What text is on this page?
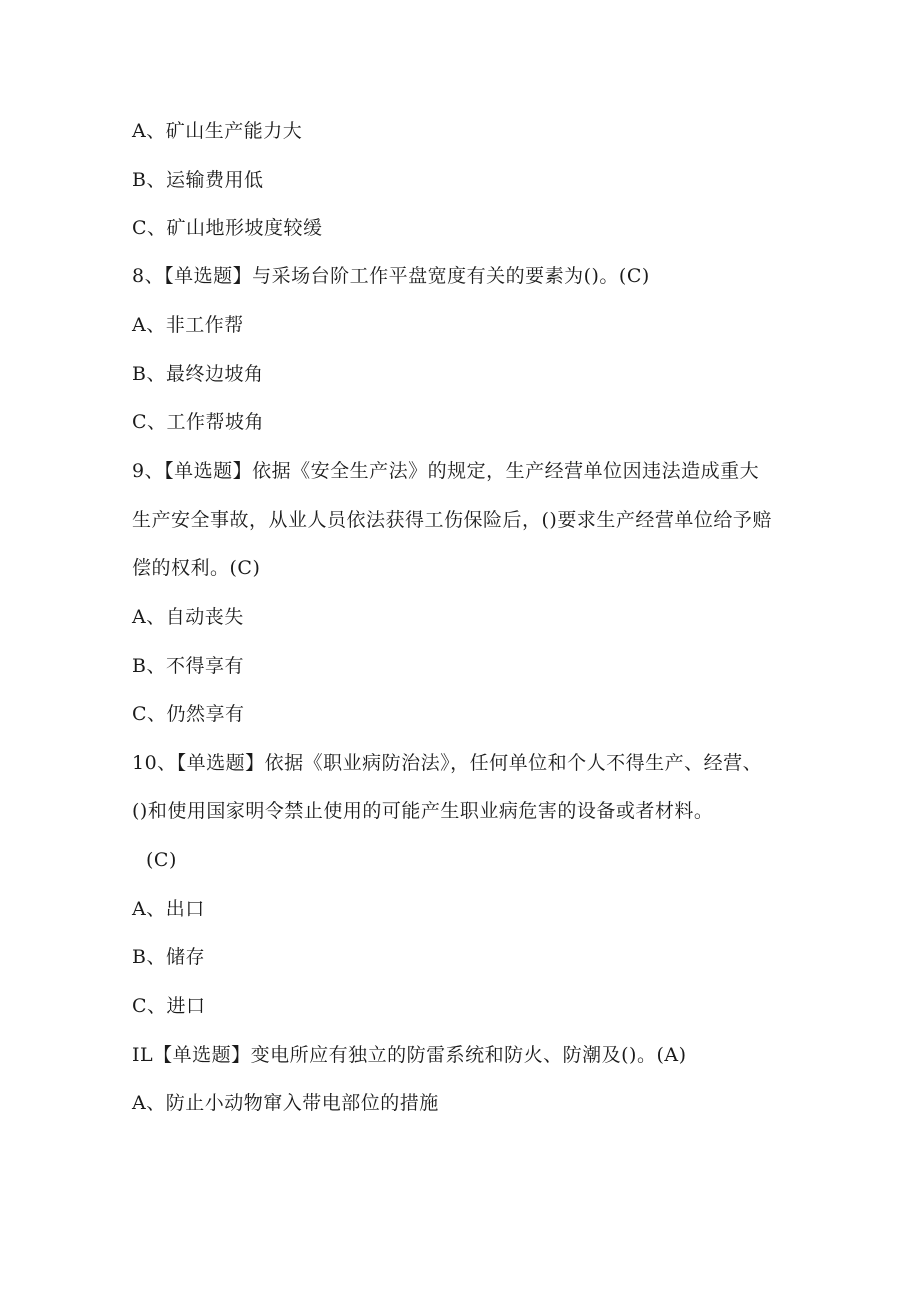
A、矿山生产能力大
B、运输费用低
C、矿山地形坡度较缓
8、【单选题】与采场台阶工作平盘宽度有关的要素为()。(C)
A、非工作帮
B、最终边坡角
C、工作帮坡角
9、【单选题】依据《安全生产法》的规定，生产经营单位因违法造成重大
生产安全事故，从业人员依法获得工伤保险后，()要求生产经营单位给予赔
偿的权利。(C)
A、自动丧失
B、不得享有
C、仍然享有
10、【单选题】依据《职业病防治法》，任何单位和个人不得生产、经营、
()和使用国家明令禁止使用的可能产生职业病危害的设备或者材料。
(C)
A、出口
B、储存
C、进口
IL【单选题】变电所应有独立的防雷系统和防火、防潮及()。(A)
A、防止小动物窜入带电部位的措施
